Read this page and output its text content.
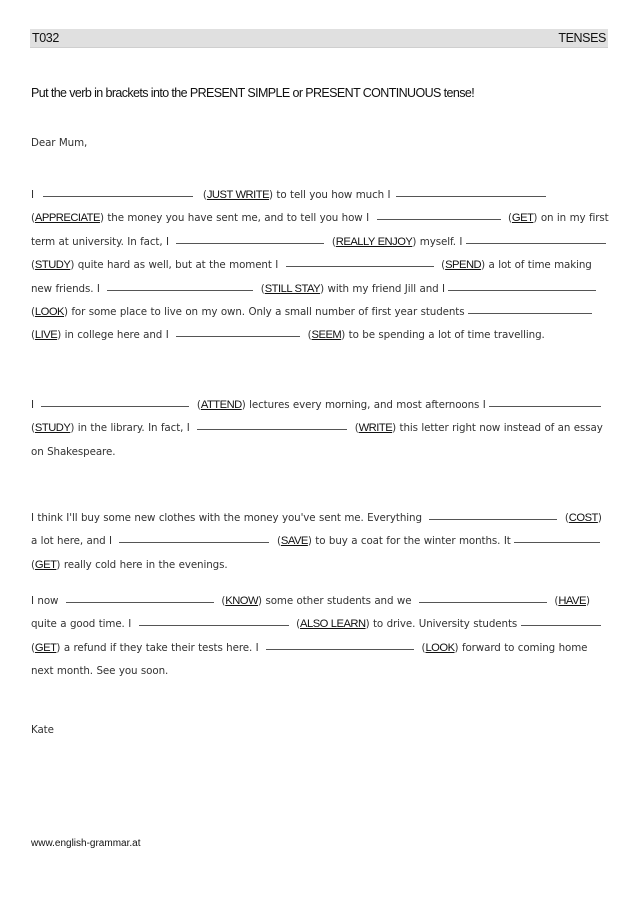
T032	TENSES
Put the verb in brackets into the PRESENT SIMPLE or PRESENT CONTINUOUS tense!
Dear Mum,
I	(JUST WRITE) to tell you how much I
(APPRECIATE) the money you have sent me, and to tell you how I	(GET) on in my first
term at university. In fact, I	(REALLY ENJOY) myself. I
(STUDY) quite hard as well, but at the moment I	(SPEND) a lot of time making
new friends. I	(STILL STAY) with my friend Jill and I
(LOOK) for some place to live on my own. Only a small number of first year students
(LIVE) in college here and I	(SEEM) to be spending a lot of time travelling.
I	(ATTEND) lectures every morning, and most afternoons I
(STUDY) in the library. In fact, I	(WRITE) this letter right now instead of an essay
on Shakespeare.
I think I'll buy some new clothes with the money you've sent me. Everything	(COST)
a lot here, and I	(SAVE) to buy a coat for the winter months. It
(GET) really cold here in the evenings.
I now	(KNOW) some other students and we	(HAVE)
quite a good time. I	(ALSO LEARN) to drive. University students
(GET) a refund if they take their tests here. I	(LOOK) forward to coming home
next month. See you soon.
Kate
www.english-grammar.at
